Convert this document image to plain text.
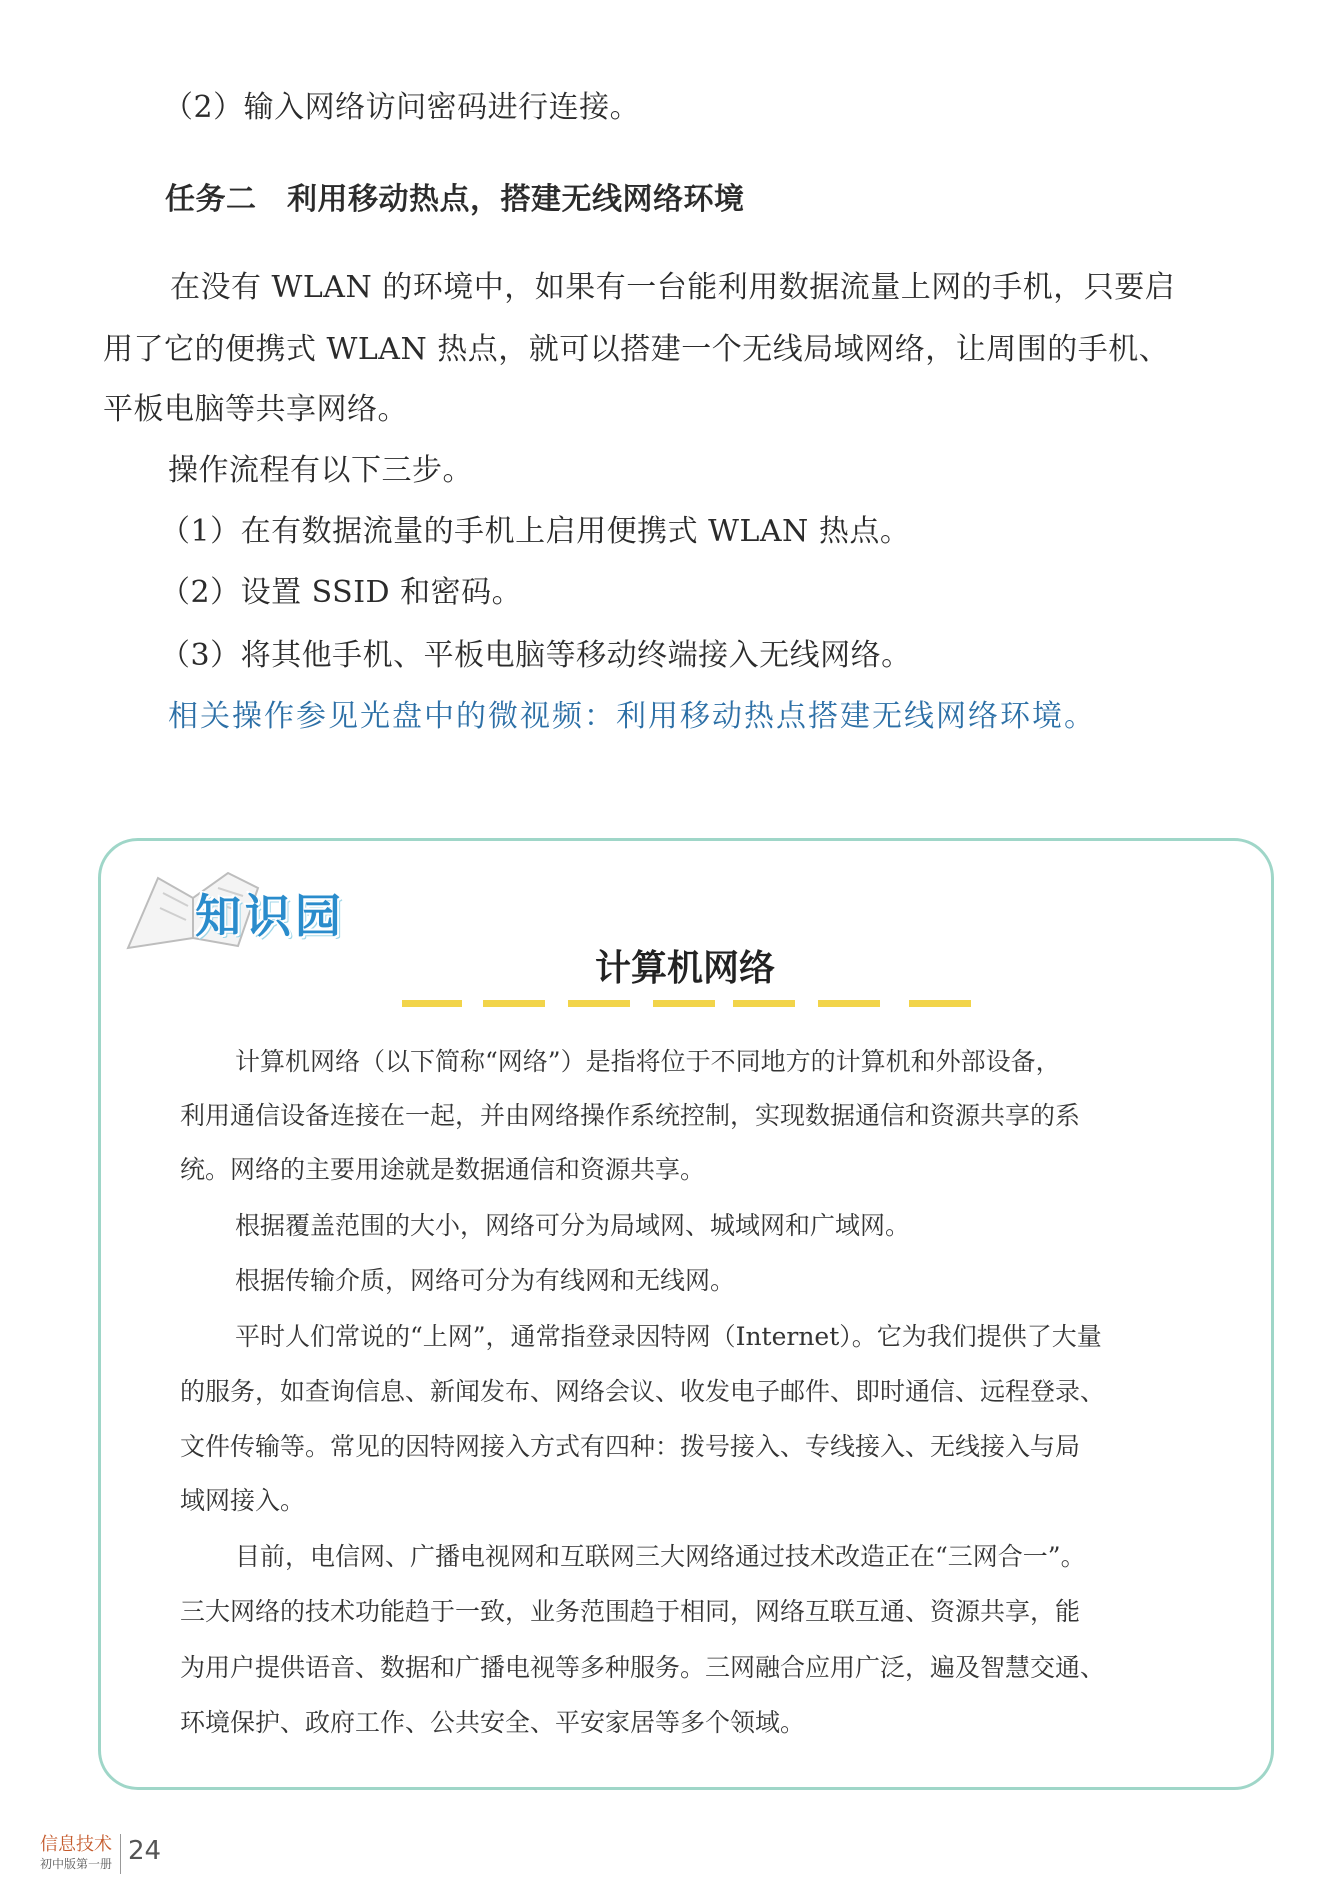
（2）输入网络访问密码进行连接。
任务二　利用移动热点，搭建无线网络环境
在没有 WLAN 的环境中，如果有一台能利用数据流量上网的手机，只要启
用了它的便携式 WLAN 热点，就可以搭建一个无线局域网络，让周围的手机、
平板电脑等共享网络。
操作流程有以下三步。
（1）在有数据流量的手机上启用便携式 WLAN 热点。
（2）设置 SSID 和密码。
（3）将其他手机、平板电脑等移动终端接入无线网络。
相关操作参见光盘中的微视频：利用移动热点搭建无线网络环境。
知识园
计算机网络
计算机网络（以下简称“网络”）是指将位于不同地方的计算机和外部设备，
利用通信设备连接在一起，并由网络操作系统控制，实现数据通信和资源共享的系
统。网络的主要用途就是数据通信和资源共享。
根据覆盖范围的大小，网络可分为局域网、城域网和广域网。
根据传输介质，网络可分为有线网和无线网。
平时人们常说的“上网”，通常指登录因特网（Internet）。它为我们提供了大量
的服务，如查询信息、新闻发布、网络会议、收发电子邮件、即时通信、远程登录、
文件传输等。常见的因特网接入方式有四种：拨号接入、专线接入、无线接入与局
域网接入。
目前，电信网、广播电视网和互联网三大网络通过技术改造正在“三网合一”。
三大网络的技术功能趋于一致，业务范围趋于相同，网络互联互通、资源共享，能
为用户提供语音、数据和广播电视等多种服务。三网融合应用广泛，遍及智慧交通、
环境保护、政府工作、公共安全、平安家居等多个领域。
信息技术
初中版第一册 24
